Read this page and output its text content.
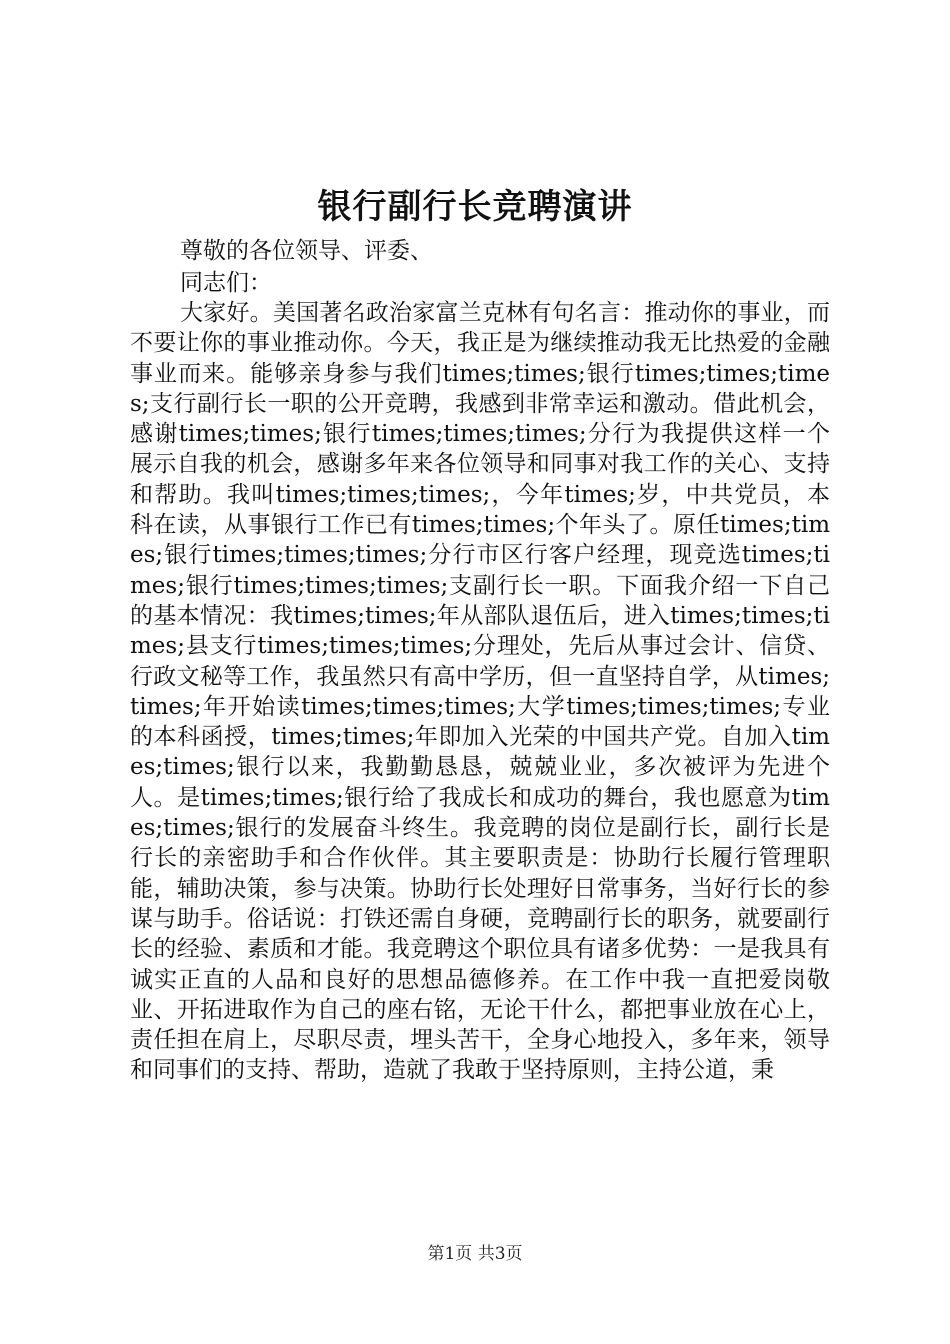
银行副行长竞聘演讲
尊敬的各位领导、评委、
同志们：

大家好。美国著名政治家富兰克林有句名言：推动你的事业，而不要让你的事业推动你。今天，我正是为继续推动我无比热爱的金融事业而来。能够亲身参与我们times;times;银行times;times;times;支行副行长一职的公开竞聘，我感到非常幸运和激动。借此机会，感谢times;times;银行times;times;times;分行为我提供这样一个展示自我的机会，感谢多年来各位领导和同事对我工作的关心、支持和帮助。我叫times;times;times;，今年times;岁，中共党员，本科在读，从事银行工作已有times;times;个年头了。原任times;times;银行times;times;times;分行市区行客户经理，现竞选times;times;银行times;times;times;支副行长一职。下面我介绍一下自己的基本情况：我times;times;年从部队退伍后，进入times;times;times;县支行times;times;times;分理处，先后从事过会计、信贷、行政文秘等工作，我虽然只有高中学历，但一直坚持自学，从times;times;年开始读times;times;times;大学times;times;times;专业的本科函授，times;times;年即加入光荣的中国共产党。自加入times;times;银行以来，我勤勤恳恳，兢兢业业，多次被评为先进个人。是times;times;银行给了我成长和成功的舞台，我也愿意为times;times;银行的发展奋斗终生。我竞聘的岗位是副行长，副行长是行长的亲密助手和合作伙伴。其主要职责是：协助行长履行管理职能，辅助决策，参与决策。协助行长处理好日常事务，当好行长的参谋与助手。俗话说：打铁还需自身硬，竞聘副行长的职务，就要副行长的经验、素质和才能。我竞聘这个职位具有诸多优势：一是我具有诚实正直的人品和良好的思想品德修养。在工作中我一直把爱岗敬业、开拓进取作为自己的座右铭，无论干什么，都把事业放在心上，责任担在肩上，尽职尽责，埋头苦干，全身心地投入，多年来，领导和同事们的支持、帮助，造就了我敢于坚持原则，主持公道，秉

第1页 共3页
